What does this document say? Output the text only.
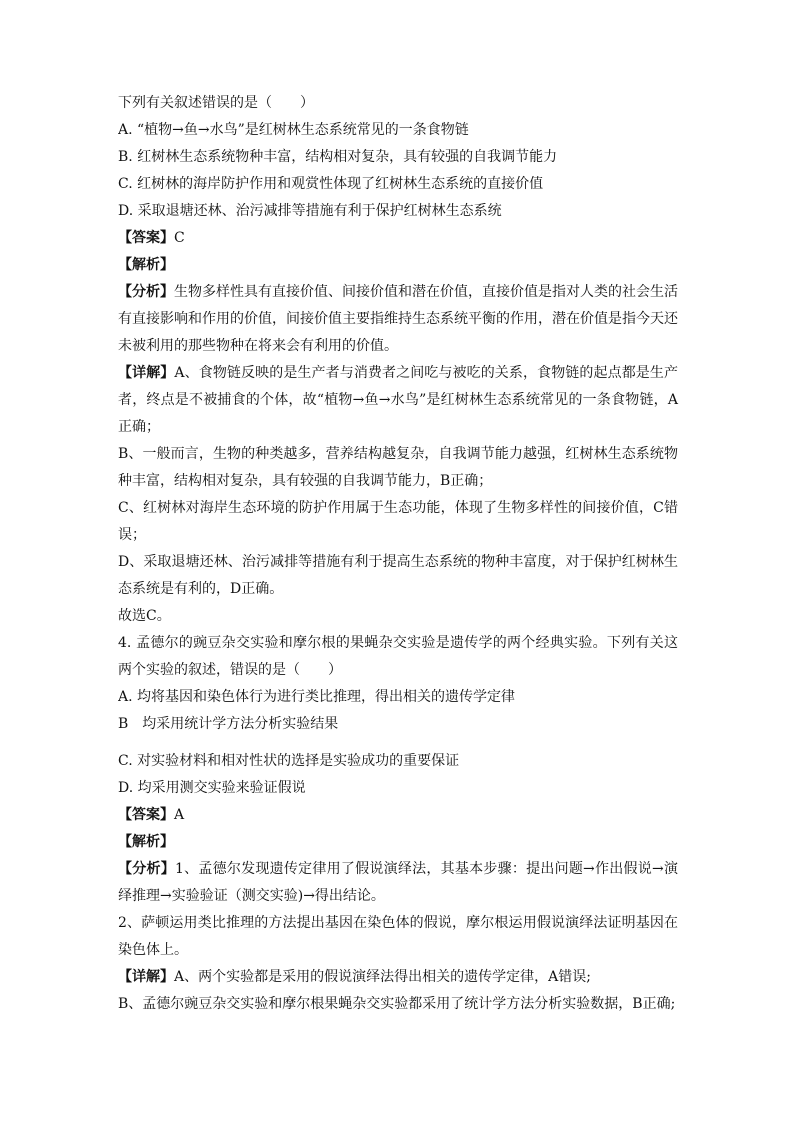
下列有关叙述错误的是（　　）
A. “植物→鱼→水鸟”是红树林生态系统常见的一条食物链
B. 红树林生态系统物种丰富，结构相对复杂，具有较强的自我调节能力
C. 红树林的海岸防护作用和观赏性体现了红树林生态系统的直接价值
D. 采取退塘还林、治污减排等措施有利于保护红树林生态系统
【答案】C
【解析】
【分析】生物多样性具有直接价值、间接价值和潜在价值，直接价值是指对人类的社会生活有直接影响和作用的价值，间接价值主要指维持生态系统平衡的作用，潜在价值是指今天还未被利用的那些物种在将来会有利用的价值。
【详解】A、食物链反映的是生产者与消费者之间吃与被吃的关系，食物链的起点都是生产者，终点是不被捕食的个体，故“植物→鱼→水鸟”是红树林生态系统常见的一条食物链，A正确；
B、一般而言，生物的种类越多，营养结构越复杂，自我调节能力越强，红树林生态系统物种丰富，结构相对复杂，具有较强的自我调节能力，B正确；
C、红树林对海岸生态环境的防护作用属于生态功能，体现了生物多样性的间接价值，C错误；
D、采取退塘还林、治污减排等措施有利于提高生态系统的物种丰富度，对于保护红树林生态系统是有利的，D正确。
故选C。
4. 孟德尔的豌豆杂交实验和摩尔根的果蝇杂交实验是遗传学的两个经典实验。下列有关这两个实验的叙述，错误的是（　　）
A. 均将基因和染色体行为进行类比推理，得出相关的遗传学定律
B　均采用统计学方法分析实验结果
C. 对实验材料和相对性状的选择是实验成功的重要保证
D. 均采用测交实验来验证假说
【答案】A
【解析】
【分析】1、孟德尔发现遗传定律用了假说演绎法，其基本步骤：提出问题→作出假说→演绎推理→实验验证（测交实验)→得出结论。
2、萨顿运用类比推理的方法提出基因在染色体的假说，摩尔根运用假说演绎法证明基因在染色体上。
【详解】A、两个实验都是采用的假说演绎法得出相关的遗传学定律，A错误;
B、孟德尔豌豆杂交实验和摩尔根果蝇杂交实验都采用了统计学方法分析实验数据，B正确;
